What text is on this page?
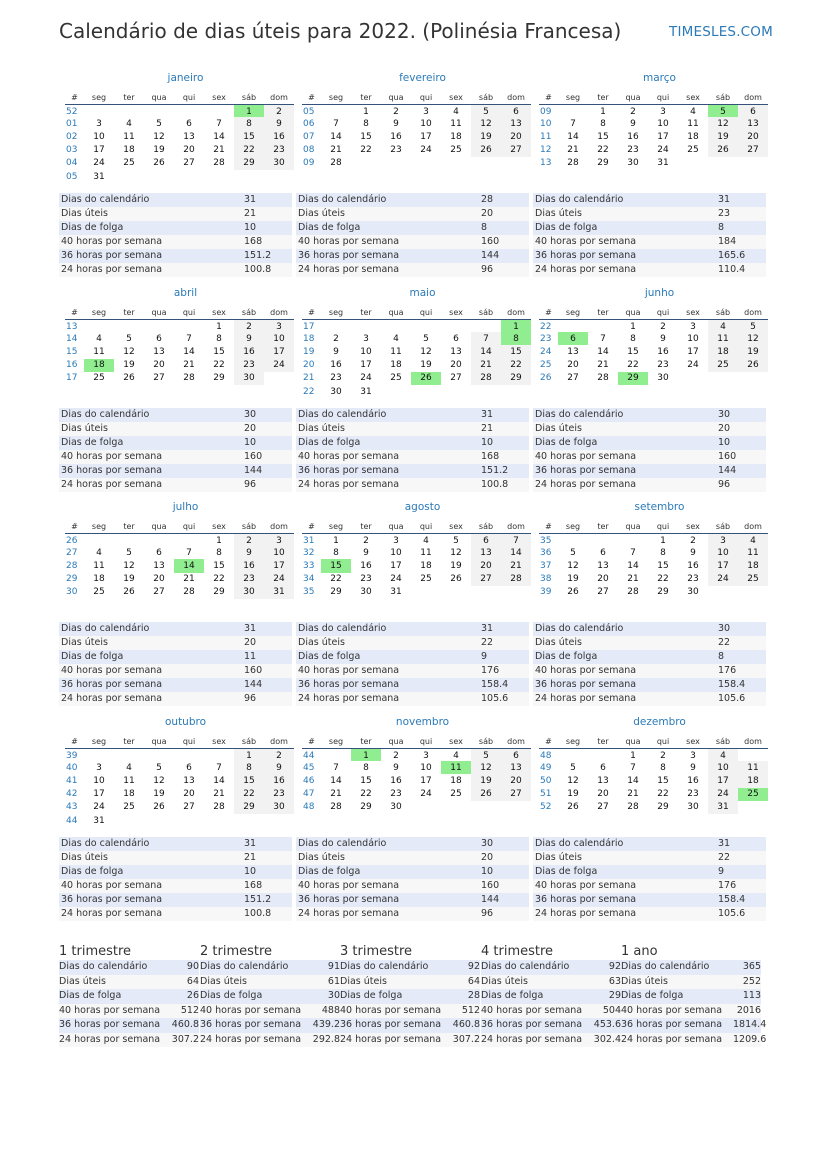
Calendário de dias úteis para 2022. (Polinésia Francesa)	TIMESLES.COM
janeiro
#	seg	ter	qua	qui	sex	sáb	dom
52						1	2
01	3	4	5	6	7	8	9
02	10	11	12	13	14	15	16
03	17	18	19	20	21	22	23
04	24	25	26	27	28	29	30
05	31						
Dias do calendário	31
Dias úteis	21
Dias de folga	10
40 horas por semana	168
36 horas por semana	151.2
24 horas por semana	100.8
fevereiro
#	seg	ter	qua	qui	sex	sáb	dom
05		1	2	3	4	5	6
06	7	8	9	10	11	12	13
07	14	15	16	17	18	19	20
08	21	22	23	24	25	26	27
09	28						
Dias do calendário	28
Dias úteis	20
Dias de folga	8
40 horas por semana	160
36 horas por semana	144
24 horas por semana	96
março
#	seg	ter	qua	qui	sex	sáb	dom
09		1	2	3	4	5	6
10	7	8	9	10	11	12	13
11	14	15	16	17	18	19	20
12	21	22	23	24	25	26	27
13	28	29	30	31			
Dias do calendário	31
Dias úteis	23
Dias de folga	8
40 horas por semana	184
36 horas por semana	165.6
24 horas por semana	110.4
abril
#	seg	ter	qua	qui	sex	sáb	dom
13					1	2	3
14	4	5	6	7	8	9	10
15	11	12	13	14	15	16	17
16	18	19	20	21	22	23	24
17	25	26	27	28	29	30	
Dias do calendário	30
Dias úteis	20
Dias de folga	10
40 horas por semana	160
36 horas por semana	144
24 horas por semana	96
maio
#	seg	ter	qua	qui	sex	sáb	dom
17							1
18	2	3	4	5	6	7	8
19	9	10	11	12	13	14	15
20	16	17	18	19	20	21	22
21	23	24	25	26	27	28	29
22	30	31					
Dias do calendário	31
Dias úteis	21
Dias de folga	10
40 horas por semana	168
36 horas por semana	151.2
24 horas por semana	100.8
junho
#	seg	ter	qua	qui	sex	sáb	dom
22			1	2	3	4	5
23	6	7	8	9	10	11	12
24	13	14	15	16	17	18	19
25	20	21	22	23	24	25	26
26	27	28	29	30			
Dias do calendário	30
Dias úteis	20
Dias de folga	10
40 horas por semana	160
36 horas por semana	144
24 horas por semana	96
julho
#	seg	ter	qua	qui	sex	sáb	dom
26					1	2	3
27	4	5	6	7	8	9	10
28	11	12	13	14	15	16	17
29	18	19	20	21	22	23	24
30	25	26	27	28	29	30	31
Dias do calendário	31
Dias úteis	20
Dias de folga	11
40 horas por semana	160
36 horas por semana	144
24 horas por semana	96
agosto
#	seg	ter	qua	qui	sex	sáb	dom
31	1	2	3	4	5	6	7
32	8	9	10	11	12	13	14
33	15	16	17	18	19	20	21
34	22	23	24	25	26	27	28
35	29	30	31				
Dias do calendário	31
Dias úteis	22
Dias de folga	9
40 horas por semana	176
36 horas por semana	158.4
24 horas por semana	105.6
setembro
#	seg	ter	qua	qui	sex	sáb	dom
35				1	2	3	4
36	5	6	7	8	9	10	11
37	12	13	14	15	16	17	18
38	19	20	21	22	23	24	25
39	26	27	28	29	30		
Dias do calendário	30
Dias úteis	22
Dias de folga	8
40 horas por semana	176
36 horas por semana	158.4
24 horas por semana	105.6
outubro
#	seg	ter	qua	qui	sex	sáb	dom
39						1	2
40	3	4	5	6	7	8	9
41	10	11	12	13	14	15	16
42	17	18	19	20	21	22	23
43	24	25	26	27	28	29	30
44	31						
Dias do calendário	31
Dias úteis	21
Dias de folga	10
40 horas por semana	168
36 horas por semana	151.2
24 horas por semana	100.8
novembro
#	seg	ter	qua	qui	sex	sáb	dom
44		1	2	3	4	5	6
45	7	8	9	10	11	12	13
46	14	15	16	17	18	19	20
47	21	22	23	24	25	26	27
48	28	29	30				
Dias do calendário	30
Dias úteis	20
Dias de folga	10
40 horas por semana	160
36 horas por semana	144
24 horas por semana	96
dezembro
#	seg	ter	qua	qui	sex	sáb	dom
48			1	2	3	4	
49	5	6	7	8	9	10	11
50	12	13	14	15	16	17	18
51	19	20	21	22	23	24	25
52	26	27	28	29	30	31	
Dias do calendário	31
Dias úteis	22
Dias de folga	9
40 horas por semana	176
36 horas por semana	158.4
24 horas por semana	105.6
1 trimestre
Dias do calendário	90
Dias úteis	64
Dias de folga	26
40 horas por semana	512
36 horas por semana	460.8
24 horas por semana	307.2
2 trimestre
Dias do calendário	91
Dias úteis	61
Dias de folga	30
40 horas por semana	488
36 horas por semana	439.2
24 horas por semana	292.8
3 trimestre
Dias do calendário	92
Dias úteis	64
Dias de folga	28
40 horas por semana	512
36 horas por semana	460.8
24 horas por semana	307.2
4 trimestre
Dias do calendário	92
Dias úteis	63
Dias de folga	29
40 horas por semana	504
36 horas por semana	453.6
24 horas por semana	302.4
1 ano
Dias do calendário	365
Dias úteis	252
Dias de folga	113
40 horas por semana	2016
36 horas por semana	1814.4
24 horas por semana	1209.6
